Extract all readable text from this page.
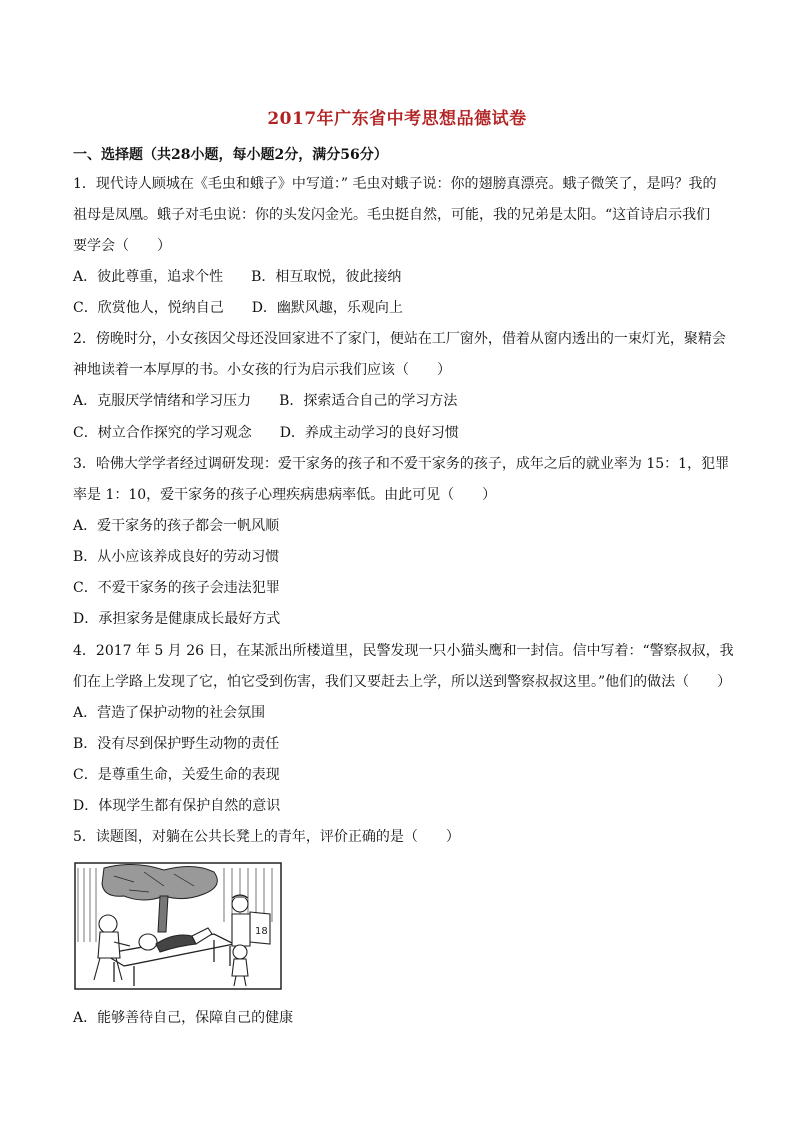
2017年广东省中考思想品德试卷
一、选择题（共28小题，每小题2分，满分56分）
1．现代诗人顾城在《毛虫和蛾子》中写道：” 毛虫对蛾子说：你的翅膀真漂亮。蛾子微笑了，是吗？我的
祖母是凤凰。蛾子对毛虫说：你的头发闪金光。毛虫挺自然，可能，我的兄弟是太阳。“这首诗启示我们
要学会（　　）
A．彼此尊重，追求个性　　B．相互取悦，彼此接纳
C．欣赏他人，悦纳自己　　D．幽默风趣，乐观向上
2．傍晚时分，小女孩因父母还没回家进不了家门，便站在工厂窗外，借着从窗内透出的一束灯光，聚精会
神地读着一本厚厚的书。小女孩的行为启示我们应该（　　）
A．克服厌学情绪和学习压力　　B．探索适合自己的学习方法
C．树立合作探究的学习观念　　D．养成主动学习的良好习惯
3．哈佛大学学者经过调研发现：爱干家务的孩子和不爱干家务的孩子，成年之后的就业率为 15：1，犯罪
率是 1：10，爱干家务的孩子心理疾病患病率低。由此可见（　　）
A．爱干家务的孩子都会一帆风顺
B．从小应该养成良好的劳动习惯
C．不爱干家务的孩子会违法犯罪
D．承担家务是健康成长最好方式
4．2017 年 5 月 26 日，在某派出所楼道里，民警发现一只小猫头鹰和一封信。信中写着：“警察叔叔，我
们在上学路上发现了它，怕它受到伤害，我们又要赶去上学，所以送到警察叔叔这里。”他们的做法（　　）
A．营造了保护动物的社会氛围
B．没有尽到保护野生动物的责任
C．是尊重生命，关爱生命的表现
D．体现学生都有保护自然的意识
5．读题图，对躺在公共长凳上的青年，评价正确的是（　　）
18
A．能够善待自己，保障自己的健康
